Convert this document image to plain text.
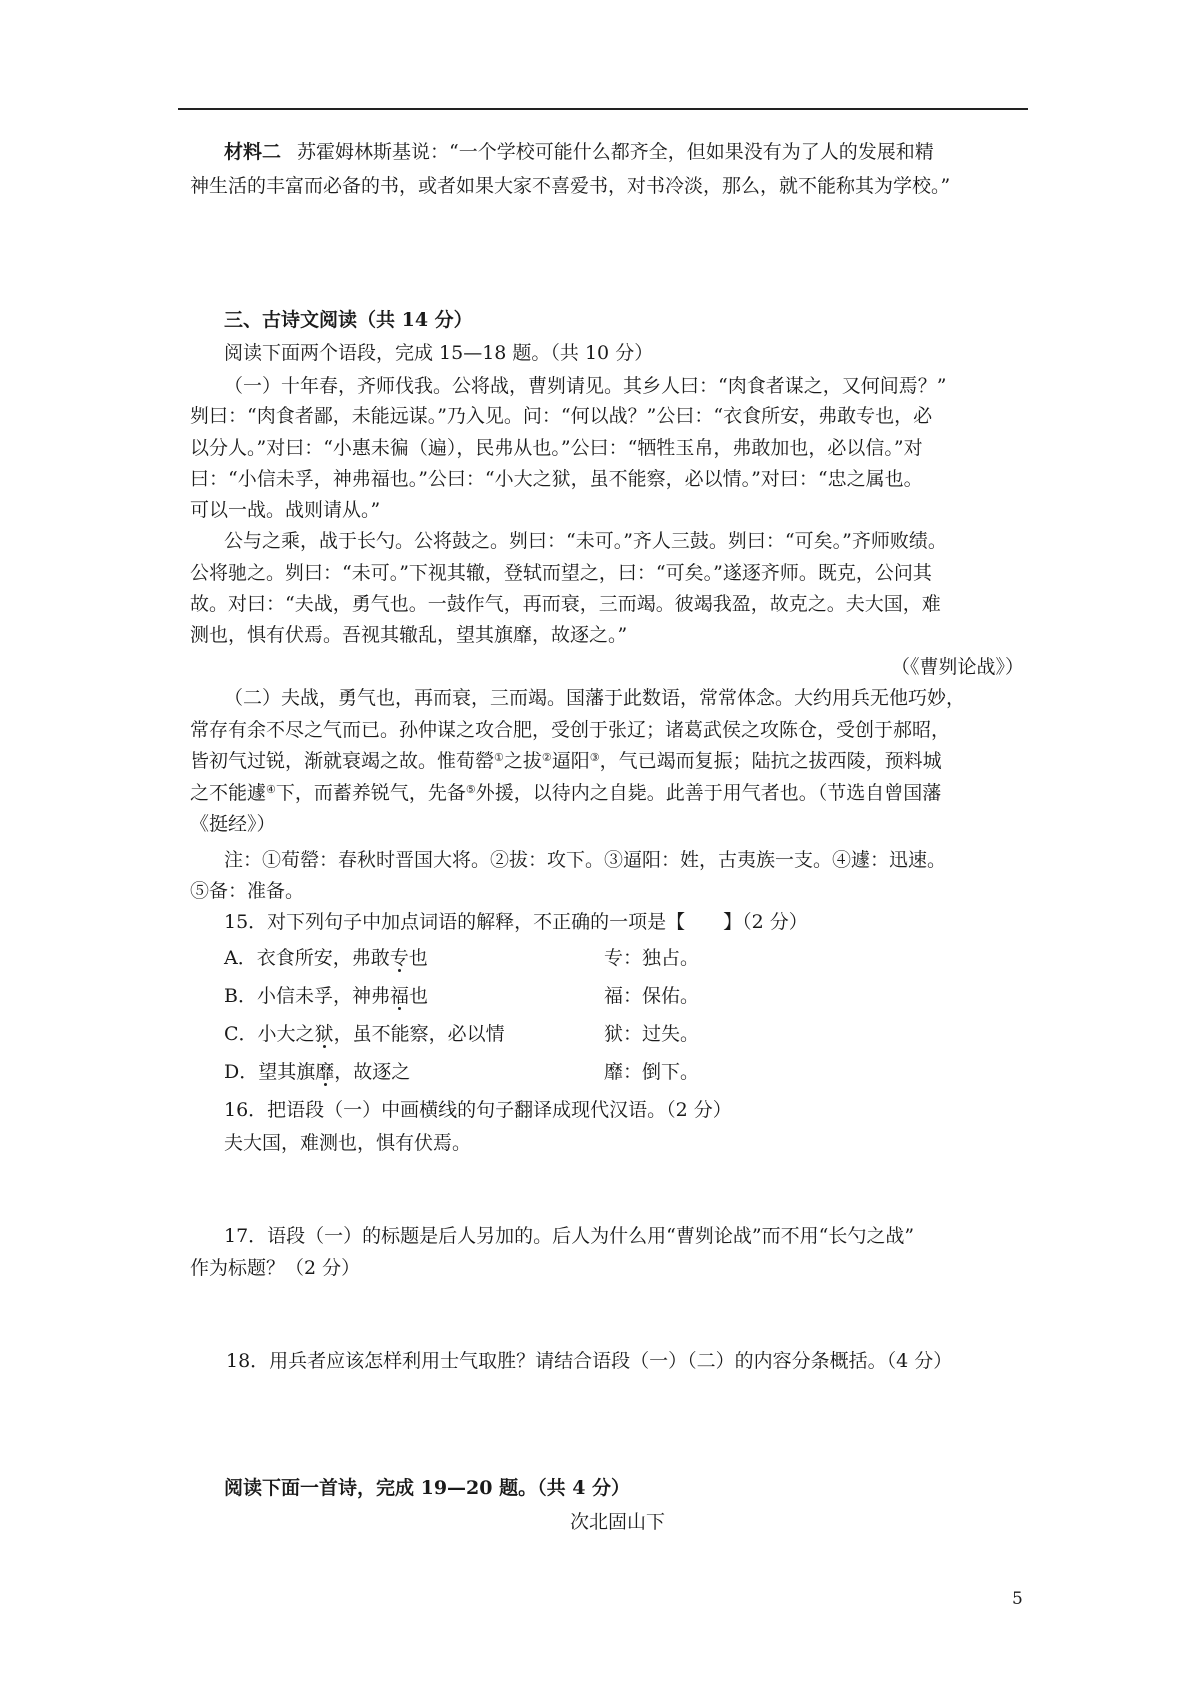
材料二 苏霍姆林斯基说：“一个学校可能什么都齐全，但如果没有为了人的发展和精
神生活的丰富而必备的书，或者如果大家不喜爱书，对书冷淡，那么，就不能称其为学校。”
三、古诗文阅读（共 14 分）
阅读下面两个语段，完成 15—18 题。（共 10 分）
（一）十年春，齐师伐我。公将战，曹刿请见。其乡人曰：“肉食者谋之，又何间焉？”
刿曰：“肉食者鄙，未能远谋。”乃入见。问：“何以战？”公曰：“衣食所安，弗敢专也，必
以分人。”对曰：“小惠未徧（遍），民弗从也。”公曰：“牺牲玉帛，弗敢加也，必以信。”对
曰：“小信未孚，神弗福也。”公曰：“小大之狱，虽不能察，必以情。”对曰：“忠之属也。
可以一战。战则请从。”
公与之乘，战于长勺。公将鼓之。刿曰：“未可。”齐人三鼓。刿曰：“可矣。”齐师败绩。
公将驰之。刿曰：“未可。”下视其辙，登轼而望之，曰：“可矣。”遂逐齐师。既克，公问其
故。对曰：“夫战，勇气也。一鼓作气，再而衰，三而竭。彼竭我盈，故克之。夫大国，难
测也，惧有伏焉。吾视其辙乱，望其旗靡，故逐之。”
（《曹刿论战》）
（二）夫战，勇气也，再而衰，三而竭。国藩于此数语，常常体念。大约用兵无他巧妙，
常存有余不尽之气而已。孙仲谋之攻合肥，受创于张辽；诸葛武侯之攻陈仓，受创于郝昭，
皆初气过锐，渐就衰竭之故。惟荀罃①之拔②逼阳③，气已竭而复振；陆抗之拔西陵，预料城
之不能遽④下，而蓄养锐气，先备⑤外援，以待内之自毙。此善于用气者也。（节选自曾国藩
《挺经》）
注：①荀罃：春秋时晋国大将。②拔：攻下。③逼阳：姓，古夷族一支。④遽：迅速。
⑤备：准备。
15．对下列句子中加点词语的解释，不正确的一项是【　　】（2 分）
A．衣食所安，弗敢专也	专：独占。
B．小信未孚，神弗福也	福：保佑。
C．小大之狱，虽不能察，必以情	狱：过失。
D．望其旗靡，故逐之	靡：倒下。
16．把语段（一）中画横线的句子翻译成现代汉语。（2 分）
夫大国，难测也，惧有伏焉。
17．语段（一）的标题是后人另加的。后人为什么用“曹刿论战”而不用“长勺之战”
作为标题？（2 分）
18．用兵者应该怎样利用士气取胜？请结合语段（一）（二）的内容分条概括。（4 分）
阅读下面一首诗，完成 19—20 题。（共 4 分）
次北固山下
5
